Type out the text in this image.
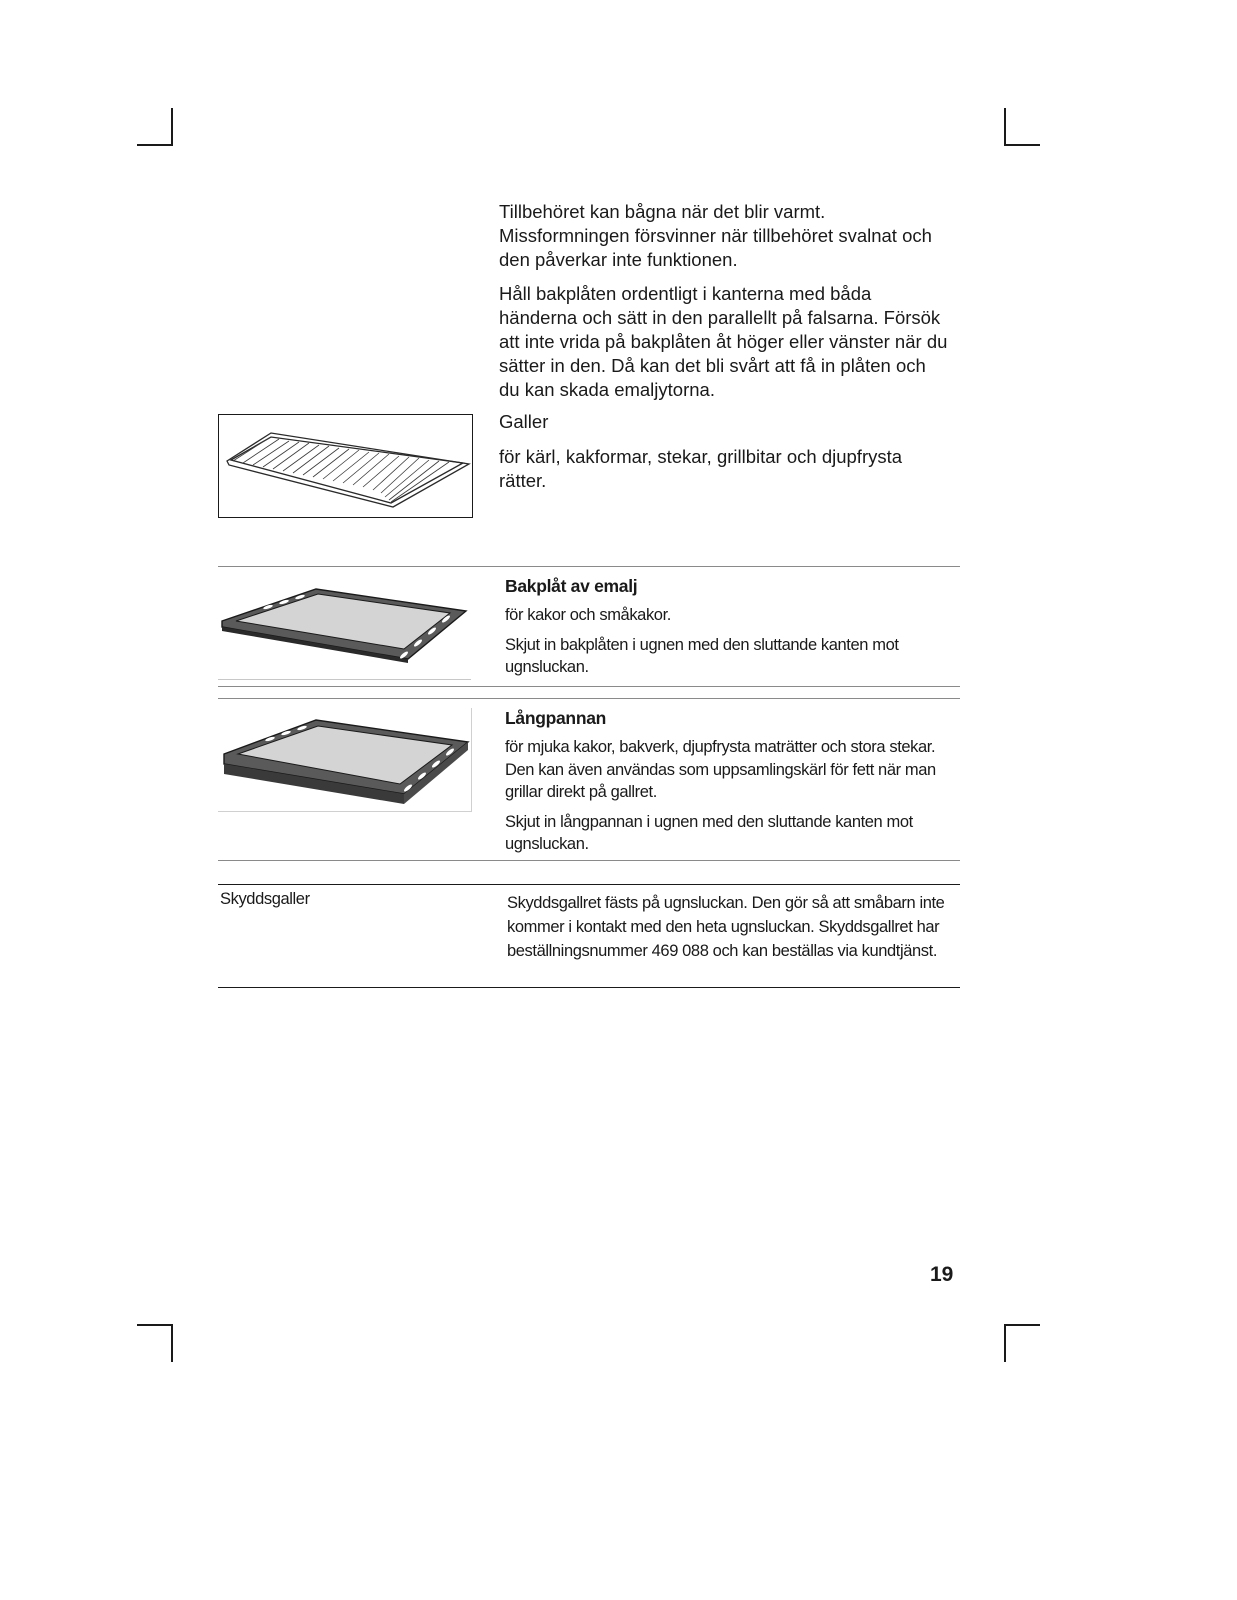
Tillbehöret kan bågna när det blir varmt. Missformningen försvinner när tillbehöret svalnat och den påverkar inte funktionen.

Håll bakplåten ordentligt i kanterna med båda händerna och sätt in den parallellt på falsarna. Försök att inte vrida på bakplåten åt höger eller vänster när du sätter in den. Då kan det bli svårt att få in plåten och du kan skada emaljytorna.

Galler

för kärl, kakformar, stekar, grillbitar och djupfrysta rätter.

Bakplåt av emalj

för kakor och småkakor.

Skjut in bakplåten i ugnen med den sluttande kanten mot ugnsluckan.

Långpannan

för mjuka kakor, bakverk, djupfrysta maträtter och stora stekar. Den kan även användas som uppsamlingskärl för fett när man grillar direkt på gallret.

Skjut in långpannan i ugnen med den sluttande kanten mot ugnsluckan.

Skyddsgaller	Skyddsgallret fästs på ugnsluckan. Den gör så att småbarn inte kommer i kontakt med den heta ugnsluckan. Skyddsgallret har beställningsnummer 469 088 och kan beställas via kundtjänst.

19
